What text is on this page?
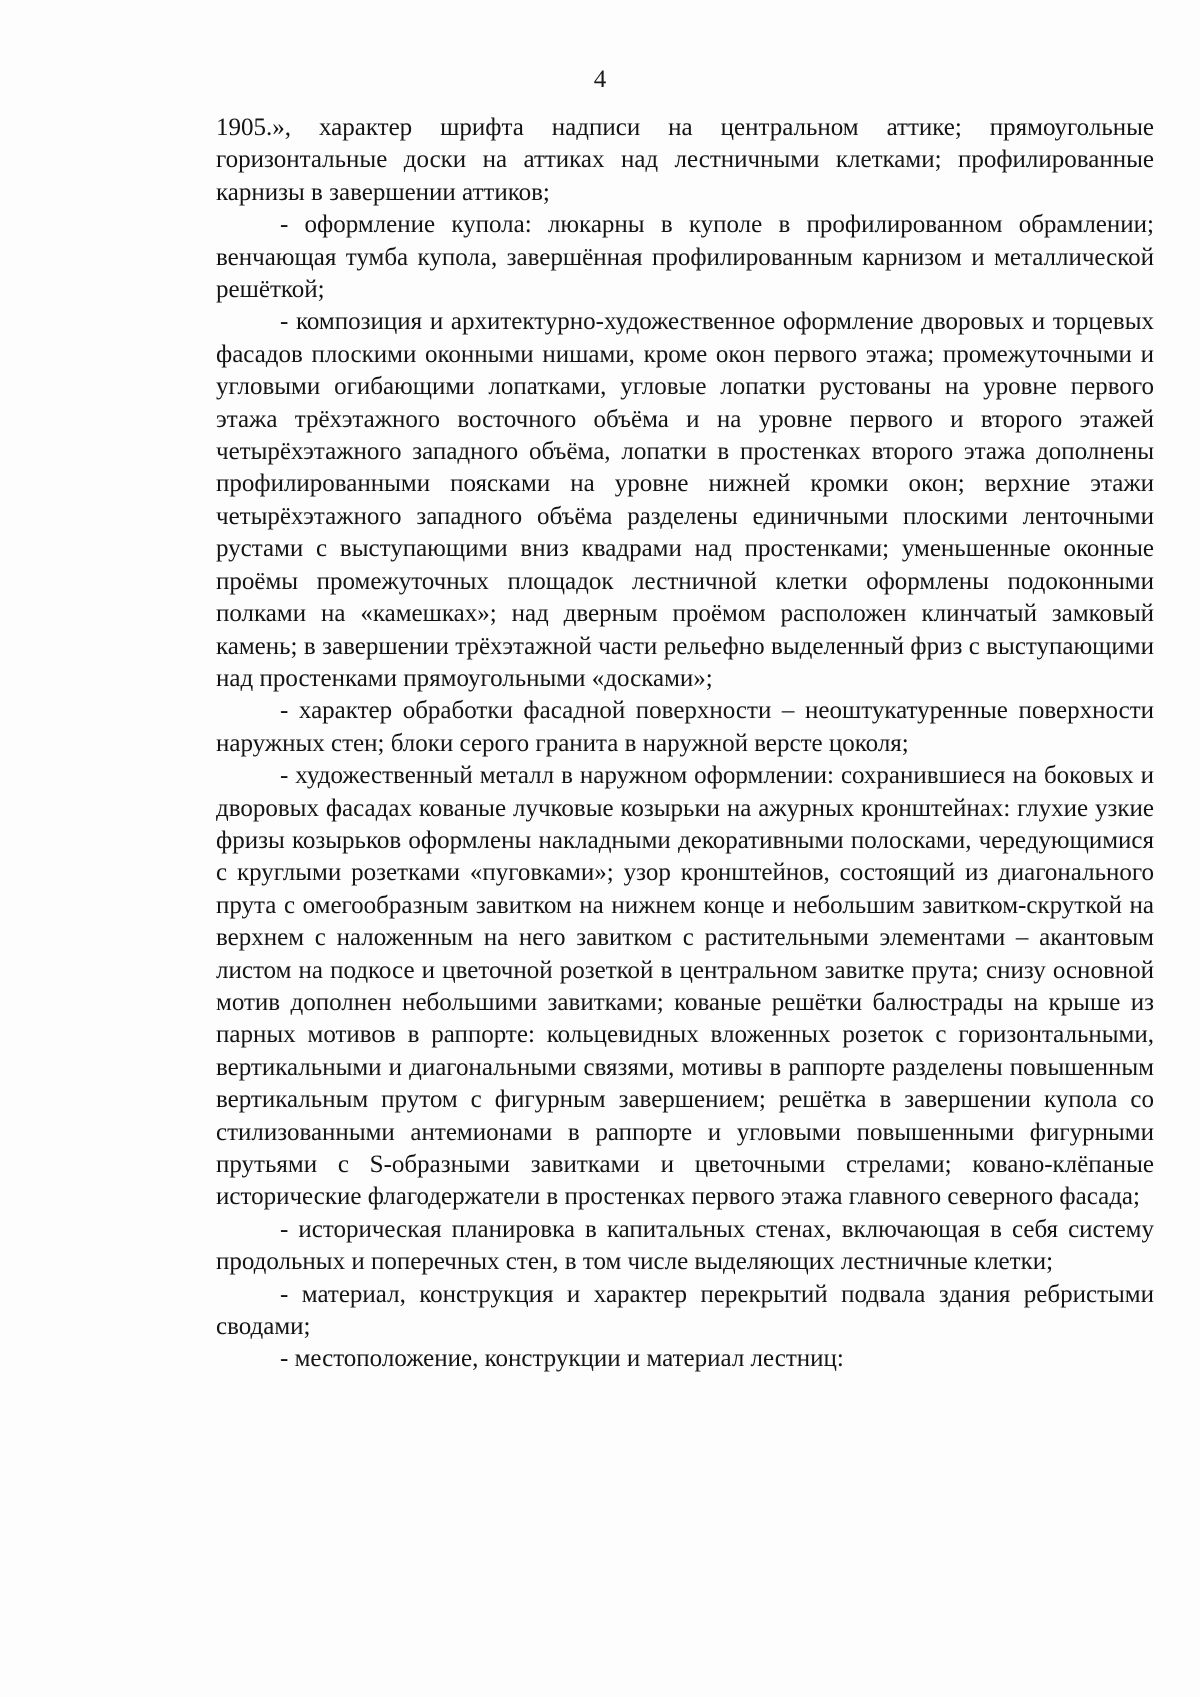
4

1905.», характер шрифта надписи на центральном аттике; прямоугольные горизонтальные доски на аттиках над лестничными клетками; профилированные карнизы в завершении аттиков;

- оформление купола: люкарны в куполе в профилированном обрамлении; венчающая тумба купола, завершённая профилированным карнизом и металлической решёткой;

- композиция и архитектурно-художественное оформление дворовых и торцевых фасадов плоскими оконными нишами, кроме окон первого этажа; промежуточными и угловыми огибающими лопатками, угловые лопатки рустованы на уровне первого этажа трёхэтажного восточного объёма и на уровне первого и второго этажей четырёхэтажного западного объёма, лопатки в простенках второго этажа дополнены профилированными поясками на уровне нижней кромки окон; верхние этажи четырёхэтажного западного объёма разделены единичными плоскими ленточными рустами с выступающими вниз квадрами над простенками; уменьшенные оконные проёмы промежуточных площадок лестничной клетки оформлены подоконными полками на «камешках»; над дверным проёмом расположен клинчатый замковый камень; в завершении трёхэтажной части рельефно выделенный фриз с выступающими над простенками прямоугольными «досками»;

- характер обработки фасадной поверхности – неоштукатуренные поверхности наружных стен; блоки серого гранита в наружной версте цоколя;

- художественный металл в наружном оформлении: сохранившиеся на боковых и дворовых фасадах кованые лучковые козырьки на ажурных кронштейнах: глухие узкие фризы козырьков оформлены накладными декоративными полосками, чередующимися с круглыми розетками «пуговками»; узор кронштейнов, состоящий из диагонального прута с омегообразным завитком на нижнем конце и небольшим завитком-скруткой на верхнем с наложенным на него завитком с растительными элементами – акантовым листом на подкосе и цветочной розеткой в центральном завитке прута; снизу основной мотив дополнен небольшими завитками; кованые решётки балюстрады на крыше из парных мотивов в раппорте: кольцевидных вложенных розеток с горизонтальными, вертикальными и диагональными связями, мотивы в раппорте разделены повышенным вертикальным прутом с фигурным завершением; решётка в завершении купола со стилизованными антемионами в раппорте и угловыми повышенными фигурными прутьями с S-образными завитками и цветочными стрелами; ковано-клёпаные исторические флагодержатели в простенках первого этажа главного северного фасада;

- историческая планировка в капитальных стенах, включающая в себя систему продольных и поперечных стен, в том числе выделяющих лестничные клетки;

- материал, конструкция и характер перекрытий подвала здания ребристыми сводами;

- местоположение, конструкции и материал лестниц:
